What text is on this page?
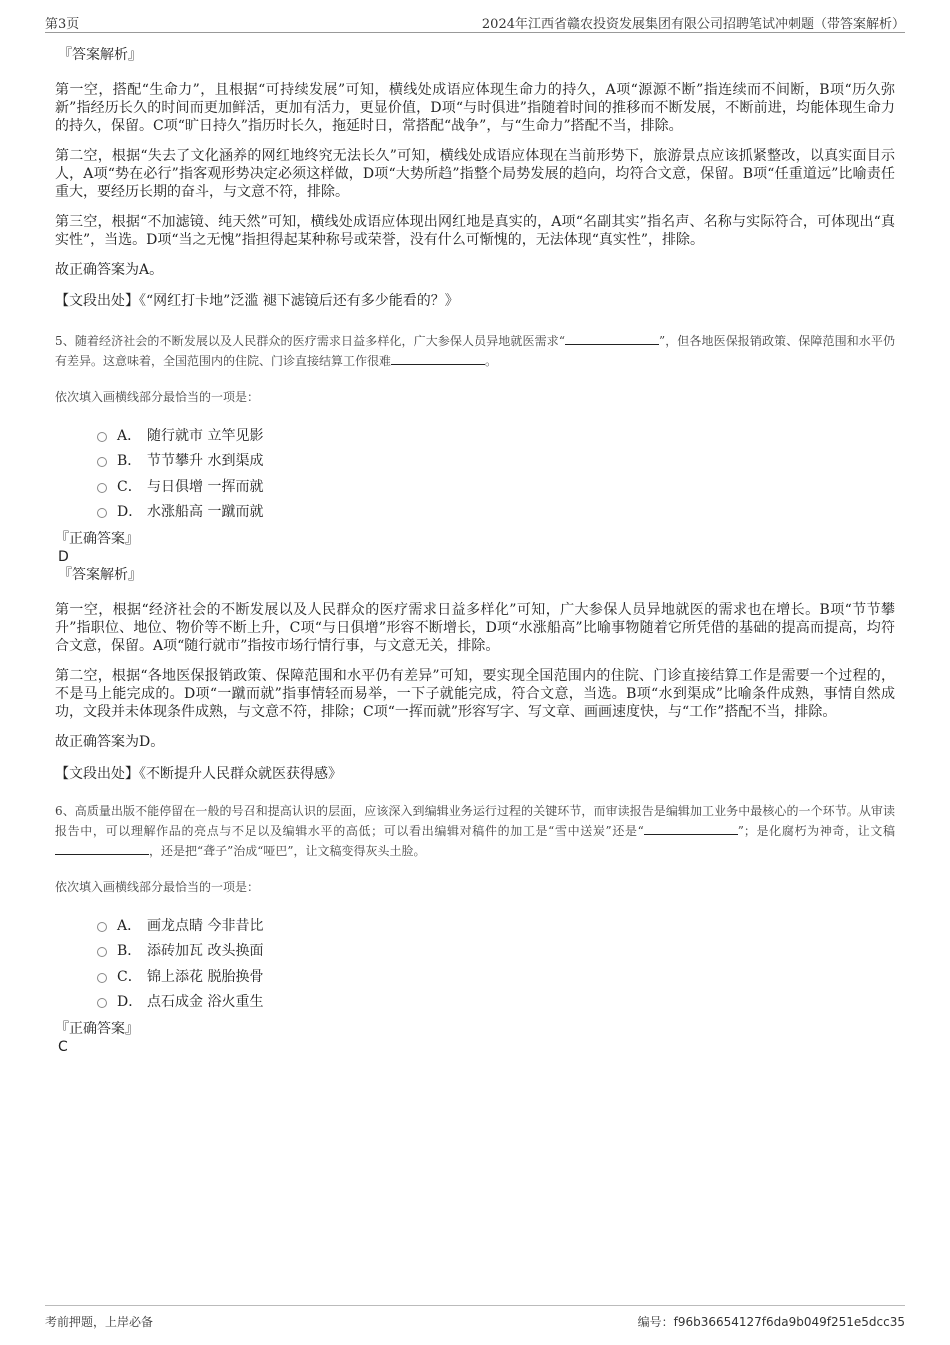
第3页	2024年江西省赣农投资发展集团有限公司招聘笔试冲刺题（带答案解析）
『答案解析』
第一空，搭配“生命力”，且根据“可持续发展”可知，横线处成语应体现生命力的持久，A项“源源不断”指连续而不间断，B项“历久弥新”指经历长久的时间而更加鲜活，更加有活力，更显价值，D项“与时俱进”指随着时间的推移而不断发展，不断前进，均能体现生命力的持久，保留。C项“旷日持久”指历时长久，拖延时日，常搭配“战争”，与“生命力”搭配不当，排除。
第二空，根据“失去了文化涵养的网红地终究无法长久”可知，横线处成语应体现在当前形势下，旅游景点应该抓紧整改，以真实面目示人，A项“势在必行”指客观形势决定必须这样做，D项“大势所趋”指整个局势发展的趋向，均符合文意，保留。B项“任重道远”比喻责任重大，要经历长期的奋斗，与文意不符，排除。
第三空，根据“不加滤镜、纯天然”可知，横线处成语应体现出网红地是真实的，A项“名副其实”指名声、名称与实际符合，可体现出“真实性”，当选。D项“当之无愧”指担得起某种称号或荣誉，没有什么可惭愧的，无法体现“真实性”，排除。
故正确答案为A。
【文段出处】《“网红打卡地”泛滥 褪下滤镜后还有多少能看的？》
5、随着经济社会的不断发展以及人民群众的医疗需求日益多样化，广大参保人员异地就医需求“	”，但各地医保报销政策、保障范围和水平仍有差异。这意味着，全国范围内的住院、门诊直接结算工作很难	。
依次填入画横线部分最恰当的一项是：
A． 随行就市 立竿见影
B． 节节攀升 水到渠成
C． 与日俱增 一挥而就
D． 水涨船高 一蹴而就
『正确答案』
D
『答案解析』
第一空，根据“经济社会的不断发展以及人民群众的医疗需求日益多样化”可知，广大参保人员异地就医的需求也在增长。B项“节节攀升”指职位、地位、物价等不断上升，C项“与日俱增”形容不断增长，D项“水涨船高”比喻事物随着它所凭借的基础的提高而提高，均符合文意，保留。A项“随行就市”指按市场行情行事，与文意无关，排除。
第二空，根据“各地医保报销政策、保障范围和水平仍有差异”可知，要实现全国范围内的住院、门诊直接结算工作是需要一个过程的，不是马上能完成的。D项“一蹴而就”指事情轻而易举，一下子就能完成，符合文意，当选。B项“水到渠成”比喻条件成熟，事情自然成功，文段并未体现条件成熟，与文意不符，排除；C项“一挥而就”形容写字、写文章、画画速度快，与“工作”搭配不当，排除。
故正确答案为D。
【文段出处】《不断提升人民群众就医获得感》
6、高质量出版不能停留在一般的号召和提高认识的层面，应该深入到编辑业务运行过程的关键环节，而审读报告是编辑加工业务中最核心的一个环节。从审读报告中，可以理解作品的亮点与不足以及编辑水平的高低；可以看出编辑对稿件的加工是“雪中送炭”还是“	”；是化腐朽为神奇，让文稿，还是把“聋子”治成“哑巴”，让文稿变得灰头土脸。
依次填入画横线部分最恰当的一项是：
A． 画龙点睛 今非昔比
B． 添砖加瓦 改头换面
C． 锦上添花 脱胎换骨
D． 点石成金 浴火重生
『正确答案』
C
考前押题，上岸必备	编号：f96b36654127f6da9b049f251e5dcc35
